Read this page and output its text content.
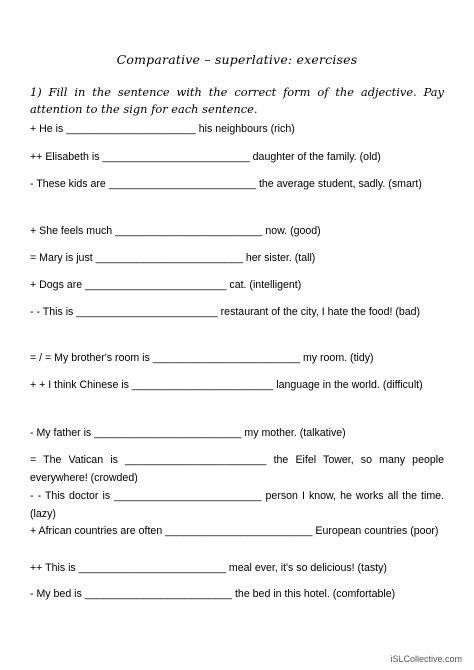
Comparative – superlative: exercises
1) Fill in the sentence with the correct form of the adjective. Pay attention to the sign for each sentence.
+ He is ______________________ his neighbours (rich)
++ Elisabeth is _________________________ daughter of the family. (old)
- These kids are _________________________ the average student, sadly. (smart)
+ She feels much _________________________ now. (good)
= Mary is just _________________________ her sister. (tall)
+ Dogs are ________________________ cat. (intelligent)
- - This is ________________________ restaurant of the city, I hate the food! (bad)
= / = My brother's room is _________________________ my room. (tidy)
+ + I think Chinese is ________________________ language in the world. (difficult)
- My father is _________________________ my mother. (talkative)
= The Vatican is ________________________ the Eifel Tower, so many people everywhere! (crowded)
- - This doctor is _________________________ person I know, he works all the time. (lazy)
+ African countries are often _________________________ European countries (poor)
++ This is _________________________ meal ever, it's so delicious! (tasty)
- My bed is _________________________ the bed in this hotel. (comfortable)
iSLCollective.com
